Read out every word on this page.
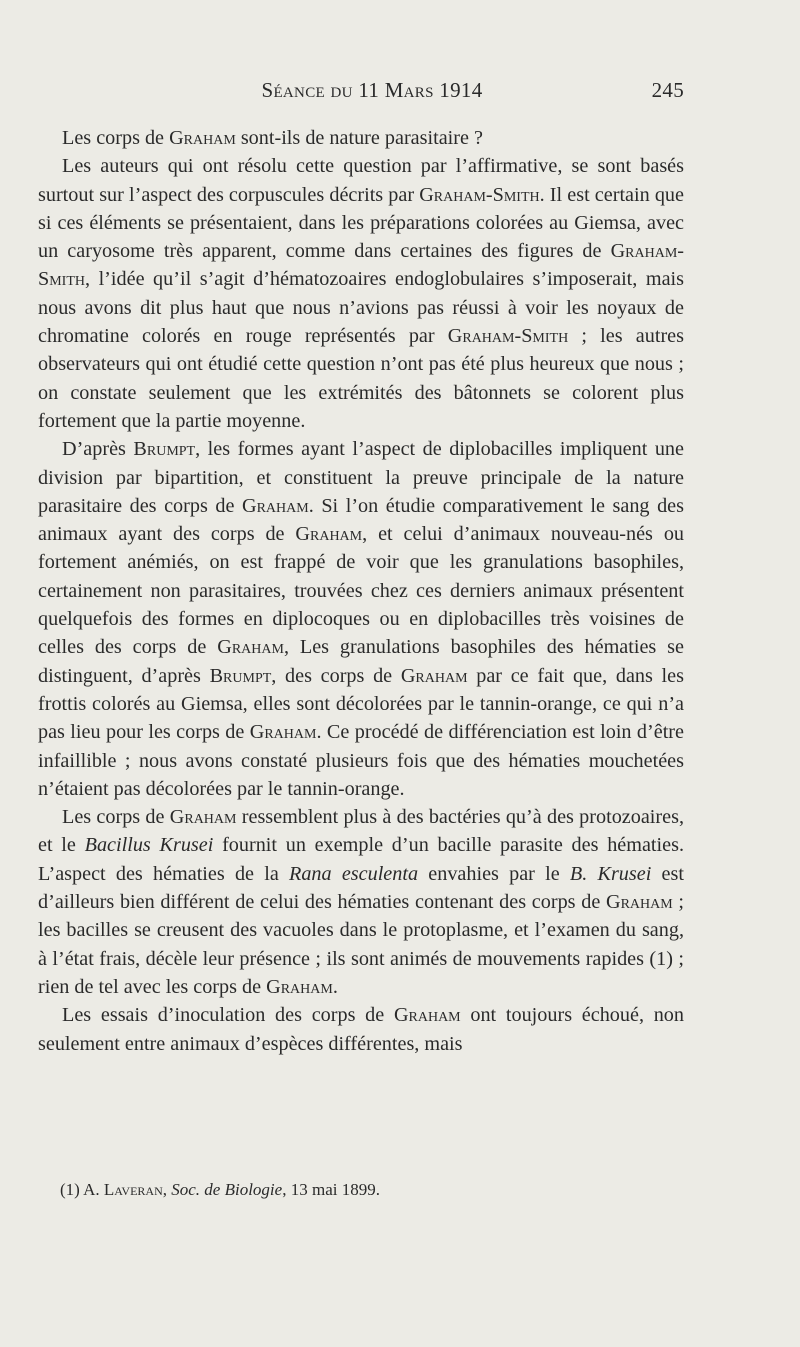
Séance du 11 Mars 1914	245

Les corps de Graham sont-ils de nature parasitaire ?

Les auteurs qui ont résolu cette question par l’affirmative, se sont basés surtout sur l’aspect des corpuscules décrits par Graham-Smith. Il est certain que si ces éléments se présentaient, dans les préparations colorées au Giemsa, avec un caryosome très apparent, comme dans certaines des figures de Graham-Smith, l’idée qu’il s’agit d’hématozoaires endoglobulaires s’imposerait, mais nous avons dit plus haut que nous n’avions pas réussi à voir les noyaux de chromatine colorés en rouge représentés par Graham-Smith ; les autres observateurs qui ont étudié cette question n’ont pas été plus heureux que nous ; on constate seulement que les extrémités des bâtonnets se colorent plus fortement que la partie moyenne.

D’après Brumpt, les formes ayant l’aspect de diplobacilles impliquent une division par bipartition, et constituent la preuve principale de la nature parasitaire des corps de Graham. Si l’on étudie comparativement le sang des animaux ayant des corps de Graham, et celui d’animaux nouveau-nés ou fortement anémiés, on est frappé de voir que les granulations basophiles, certainement non parasitaires, trouvées chez ces derniers animaux présentent quelquefois des formes en diplocoques ou en diplobacilles très voisines de celles des corps de Graham, Les granulations basophiles des hématies se distinguent, d’après Brumpt, des corps de Graham par ce fait que, dans les frottis colorés au Giemsa, elles sont décolorées par le tannin-orange, ce qui n’a pas lieu pour les corps de Graham. Ce procédé de différenciation est loin d’être infaillible ; nous avons constaté plusieurs fois que des hématies mouchetées n’étaient pas décolorées par le tannin-orange.

Les corps de Graham ressemblent plus à des bactéries qu’à des protozoaires, et le Bacillus Krusei fournit un exemple d’un bacille parasite des hématies. L’aspect des hématies de la Rana esculenta envahies par le B. Krusei est d’ailleurs bien différent de celui des hématies contenant des corps de Graham ; les bacilles se creusent des vacuoles dans le protoplasme, et l’examen du sang, à l’état frais, décèle leur présence ; ils sont animés de mouvements rapides (1) ; rien de tel avec les corps de Graham.

Les essais d’inoculation des corps de Graham ont toujours échoué, non seulement entre animaux d’espèces différentes, mais

(1) A. Laveran, Soc. de Biologie, 13 mai 1899.
